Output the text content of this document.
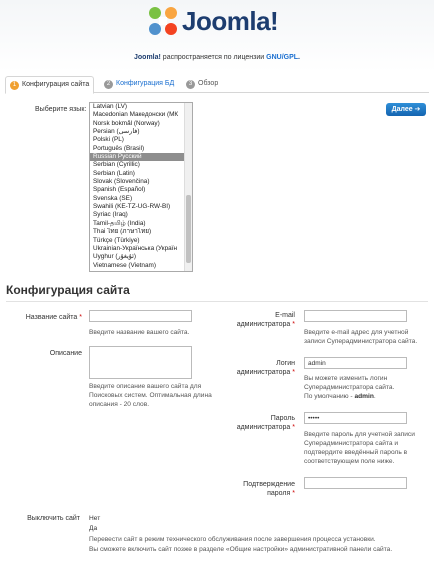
Joomla!
Joomla! распространяется по лицензии GNU/GPL.
1 Конфигурация сайта	2 Конфигурация БД	3 Обзор
Выберите язык:	Latvian (LV)
Macedonian Македонски (МК
Norsk bokmål (Norway)
Persian (فارسی)
Polski (PL)
Português (Brasil)
Russian Русский
Serbian (Cyrillic)
Serbian (Latin)
Slovak (Slovenčina)
Spanish (Español)
Svenska (SE)
Swahili (KE-TZ-UG-RW-BI)
Syriac (Iraq)
Tamil-தமிழ் (India)
Thai ไทย (ภาษาไทย)
Türkçe (Türkiye)
Ukrainian-Українська (Україн
Uyghur (ئۇيغۇر)
Vietnamese (Vietnam)
Далее ➔
Конфигурация сайта
Название сайта *
Введите название вашего сайта.
Описание
Введите описание вашего сайта для Поисковых систем. Оптимальная длина описания - 20 слов.
E-mail администратора *
Введите e-mail адрес для учетной записи Суперадминистратора сайта.
Логин администратора *
admin
Вы можете изменить логин Суперадминистратора сайта.
По умолчанию - admin.
Пароль администратора *
•••••
Введите пароль для учетной записи Суперадминистратора сайта и подтвердите введённый пароль в соответствующем поле ниже.
Подтверждение пароля *
Выключить сайт Нет
Да
Перевести сайт в режим технического обслуживания после завершения процесса установки.
Вы сможете включить сайт позже в разделе «Общие настройки» административной панели сайта.
